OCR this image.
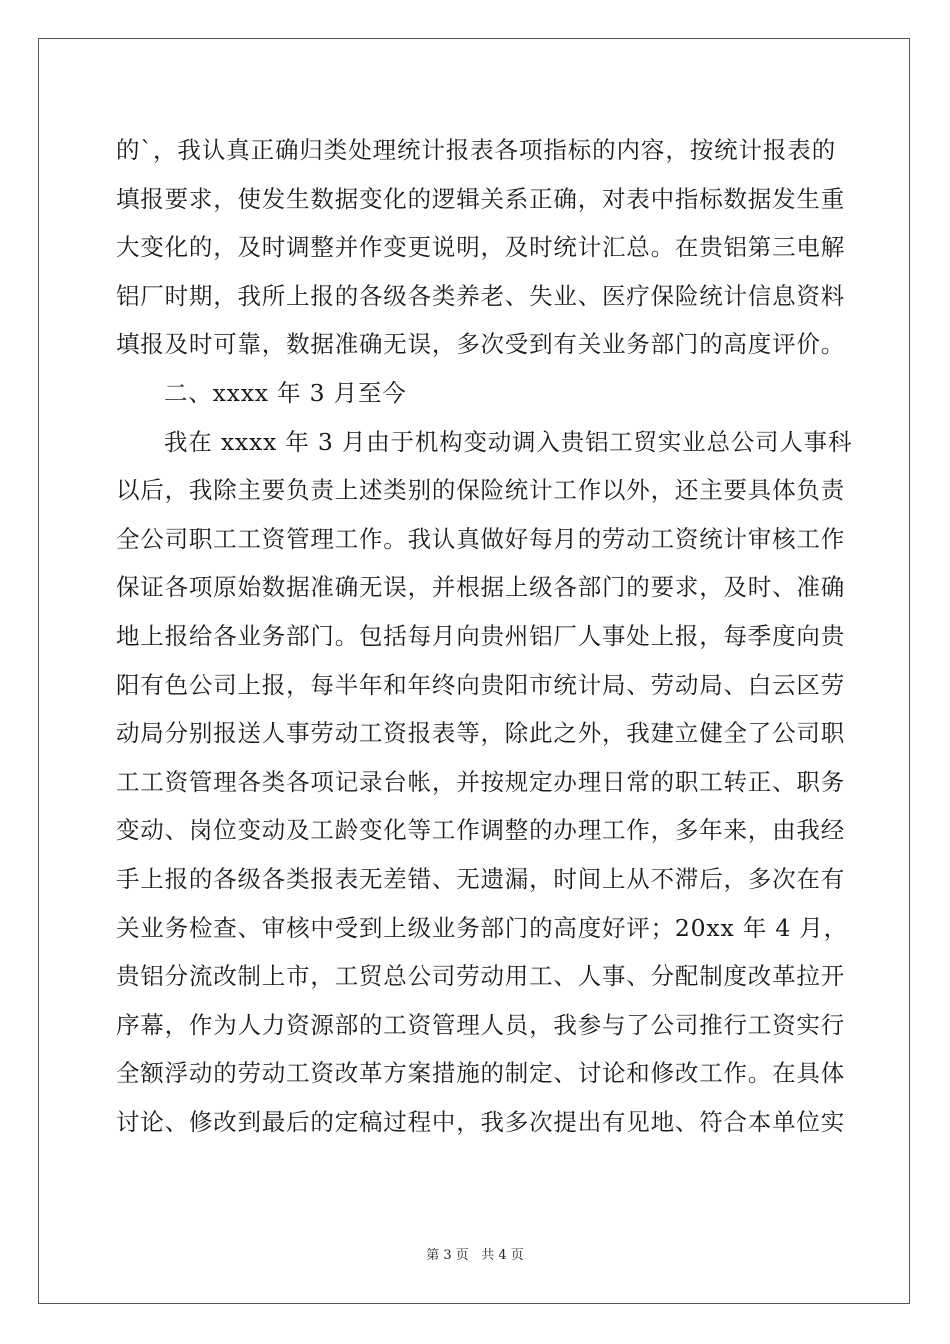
的`，我认真正确归类处理统计报表各项指标的内容，按统计报表的
填报要求，使发生数据变化的逻辑关系正确，对表中指标数据发生重
大变化的，及时调整并作变更说明，及时统计汇总。在贵铝第三电解
铝厂时期，我所上报的各级各类养老、失业、医疗保险统计信息资料
填报及时可靠，数据准确无误，多次受到有关业务部门的高度评价。
二、xxxx 年 3 月至今
我在 xxxx 年 3 月由于机构变动调入贵铝工贸实业总公司人事科
以后，我除主要负责上述类别的保险统计工作以外，还主要具体负责
全公司职工工资管理工作。我认真做好每月的劳动工资统计审核工作
保证各项原始数据准确无误，并根据上级各部门的要求，及时、准确
地上报给各业务部门。包括每月向贵州铝厂人事处上报，每季度向贵
阳有色公司上报，每半年和年终向贵阳市统计局、劳动局、白云区劳
动局分别报送人事劳动工资报表等，除此之外，我建立健全了公司职
工工资管理各类各项记录台帐，并按规定办理日常的职工转正、职务
变动、岗位变动及工龄变化等工作调整的办理工作，多年来，由我经
手上报的各级各类报表无差错、无遗漏，时间上从不滞后，多次在有
关业务检查、审核中受到上级业务部门的高度好评；20xx 年 4 月，
贵铝分流改制上市，工贸总公司劳动用工、人事、分配制度改革拉开
序幕，作为人力资源部的工资管理人员，我参与了公司推行工资实行
全额浮动的劳动工资改革方案措施的制定、讨论和修改工作。在具体
讨论、修改到最后的定稿过程中，我多次提出有见地、符合本单位实
第 3 页 共 4 页
